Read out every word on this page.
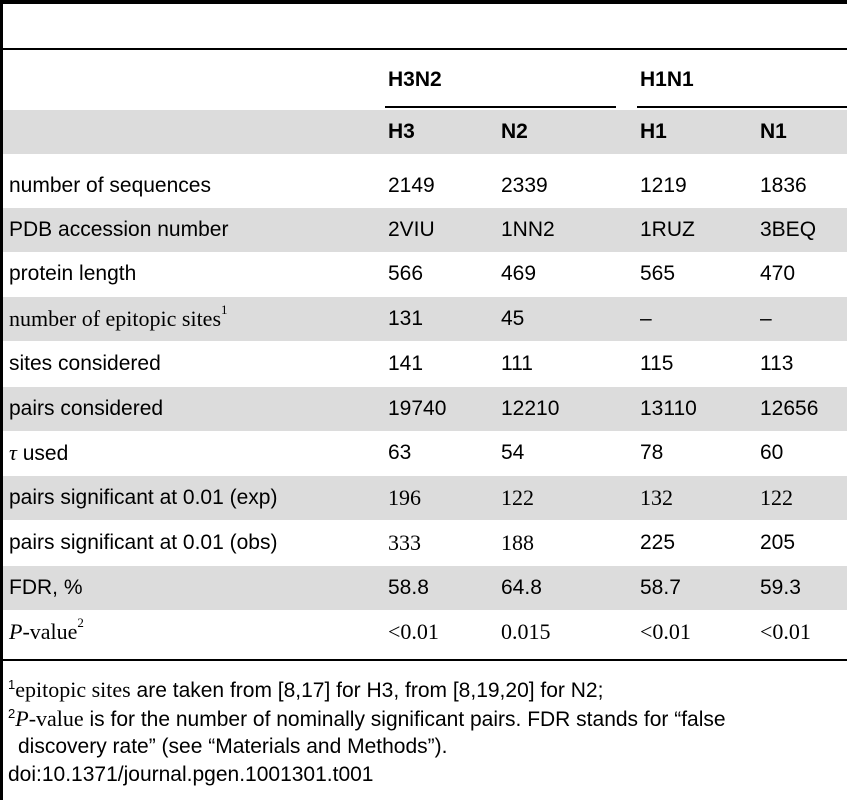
H3N2	H1N1
H3	N2	H1	N1
number of sequences	2149	2339	1219	1836
PDB accession number	2VIU	1NN2	1RUZ	3BEQ
protein length	566	469	565	470
number of epitopic sites$^1$	131	45	–	–
sites considered	141	111	115	113
pairs considered	19740	12210	13110	12656
τ used	63	54	78	60
pairs significant at 0.01 (exp)	196	122	132	122
pairs significant at 0.01 (obs)	333	188	225	205
FDR, %	58.8	64.8	58.7	59.3
P-value$^2$	<0.01	0.015	<0.01	<0.01
$^1$epitopic sites are taken from [8,17] for H3, from [8,19,20] for N2;
$^2$P-value is for the number of nominally significant pairs. FDR stands for “false
discovery rate” (see “Materials and Methods”).
doi:10.1371/journal.pgen.1001301.t001
